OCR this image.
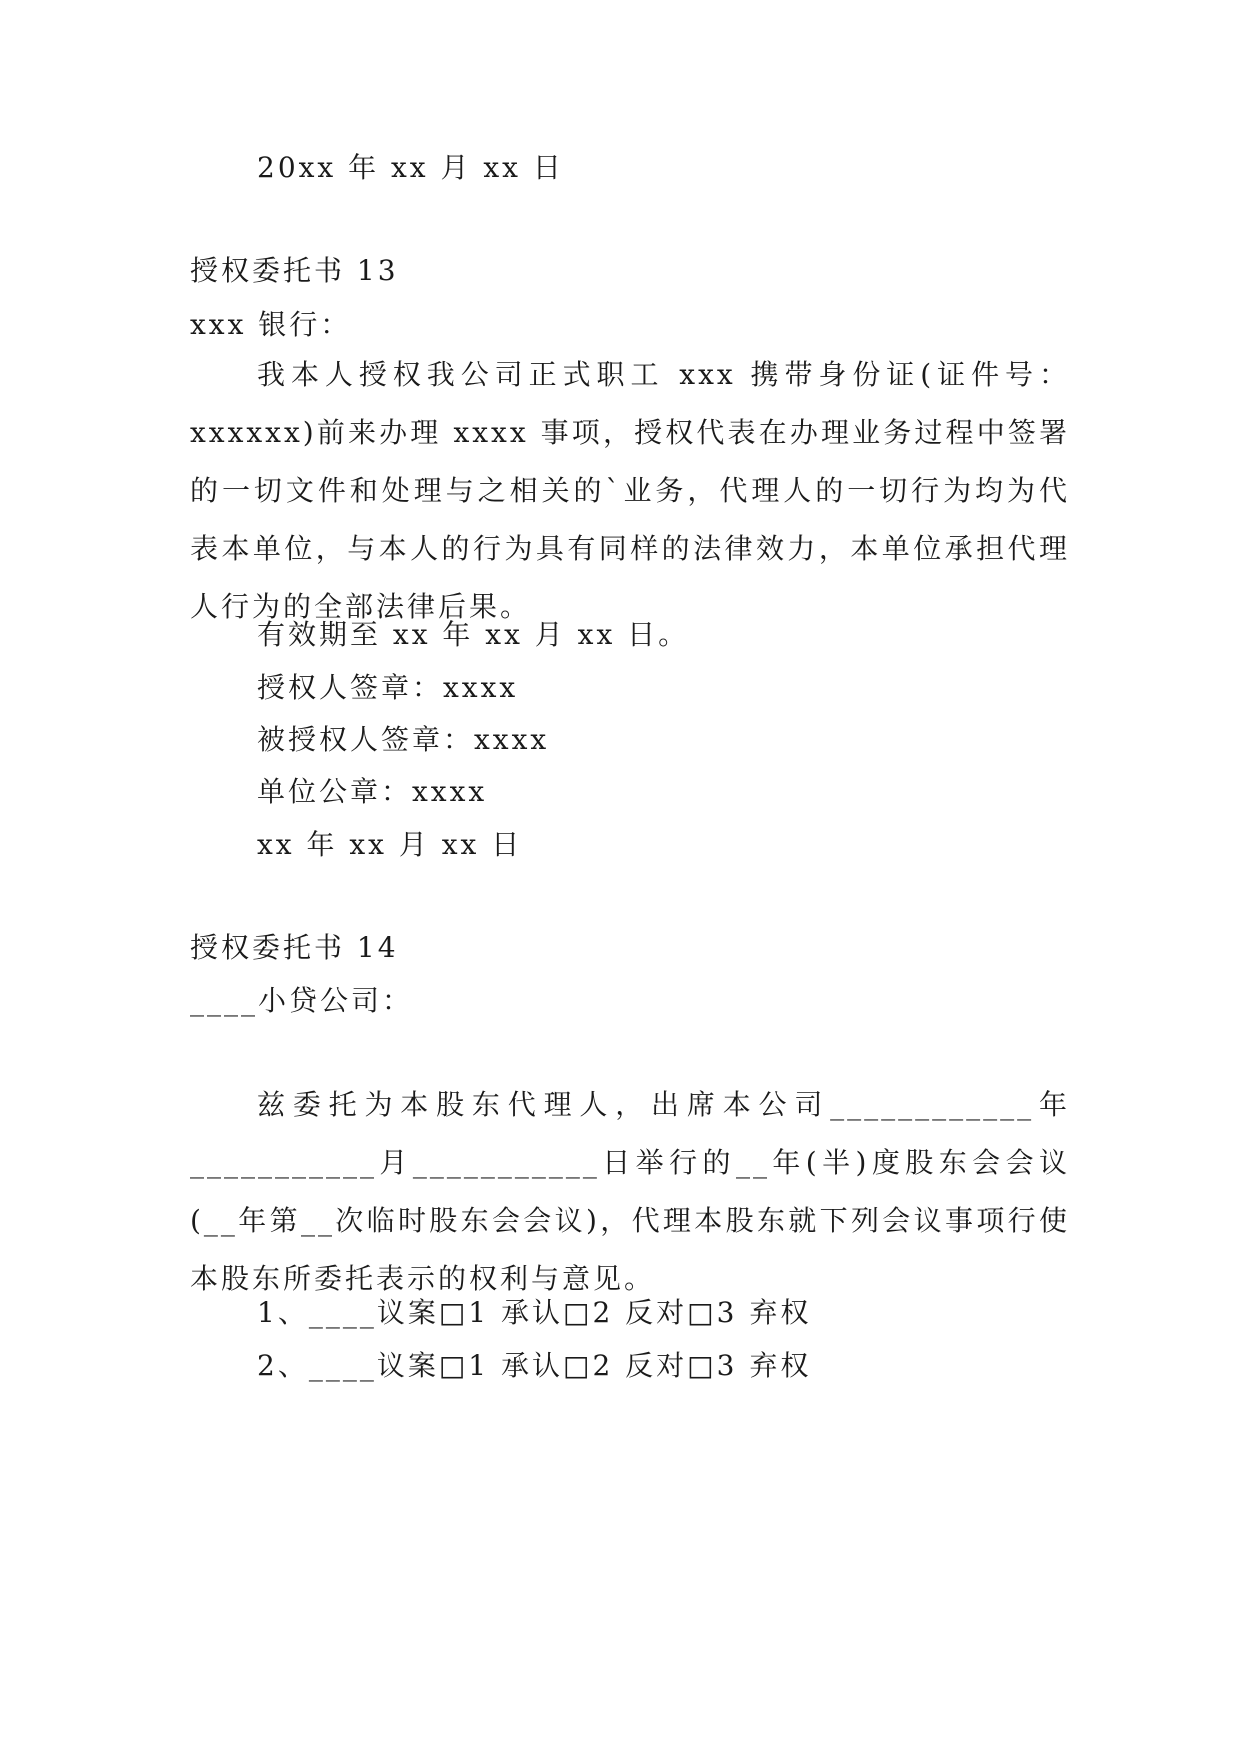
20xx 年 xx 月 xx 日
授权委托书 13
xxx 银行：
我本人授权我公司正式职工 xxx 携带身份证(证件号：xxxxxx)前来办理 xxxx 事项，授权代表在办理业务过程中签署的一切文件和处理与之相关的`业务，代理人的一切行为均为代表本单位，与本人的行为具有同样的法律效力，本单位承担代理人行为的全部法律后果。
有效期至 xx 年 xx 月 xx 日。
授权人签章：xxxx
被授权人签章：xxxx
单位公章：xxxx
xx 年 xx 月 xx 日
授权委托书 14
____小贷公司：
兹委托为本股东代理人，出席本公司____________年___________月___________日举行的__年(半)度股东会会议(__年第__次临时股东会会议)，代理本股东就下列会议事项行使本股东所委托表示的权利与意见。
1、____议案□1 承认□2 反对□3 弃权
2、____议案□1 承认□2 反对□3 弃权
